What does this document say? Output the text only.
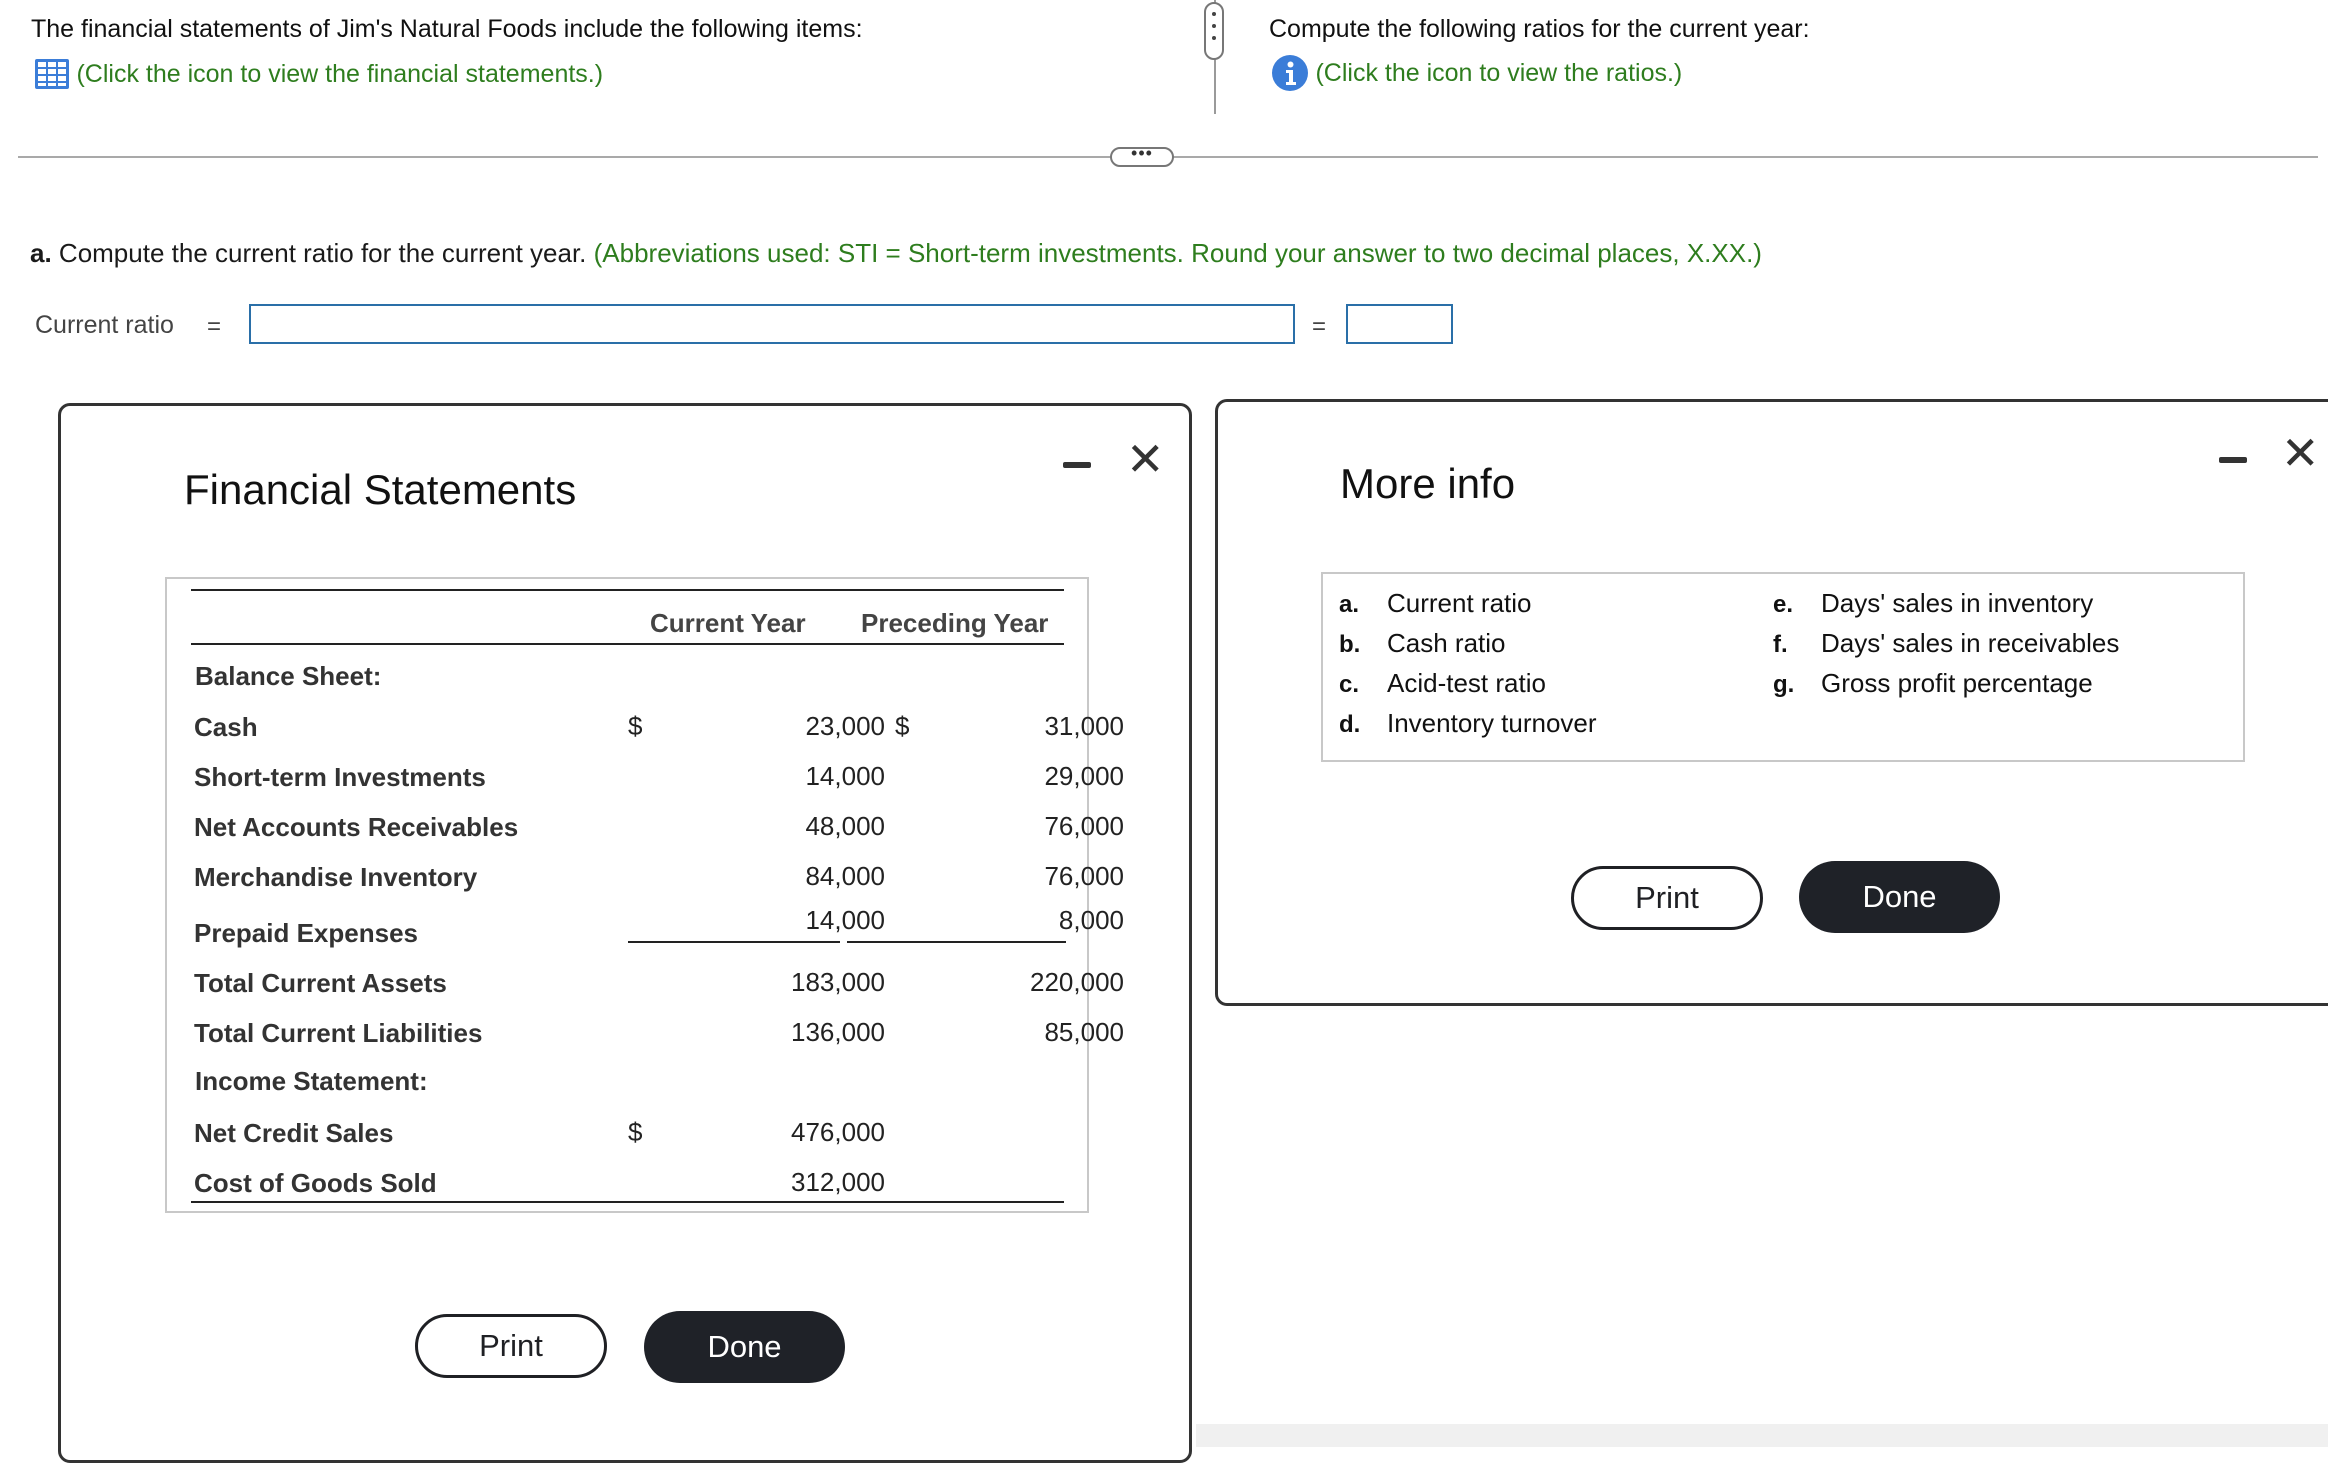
The financial statements of Jim's Natural Foods include the following items:
(Click the icon to view the financial statements.)
Compute the following ratios for the current year:
(Click the icon to view the ratios.)
•••
a. Compute the current ratio for the current year. (Abbreviations used: STI = Short-term investments. Round your answer to two decimal places, X.XX.)
Current ratio =	=
Financial Statements
✕
Current Year Preceding Year
Balance Sheet:
Cash	$	23,000 $	31,000
Short-term Investments	14,000	29,000
Net Accounts Receivables	48,000	76,000
Merchandise Inventory	84,000	76,000
Prepaid Expenses	14,000	8,000
Total Current Assets	183,000	220,000
Total Current Liabilities	136,000	85,000
Income Statement:
Net Credit Sales	$	476,000
Cost of Goods Sold	312,000
Print	Done
More info
✕
a. Current ratio
b. Cash ratio
c. Acid-test ratio
d. Inventory turnover
e. Days' sales in inventory
f. Days' sales in receivables
g. Gross profit percentage
Print	Done
